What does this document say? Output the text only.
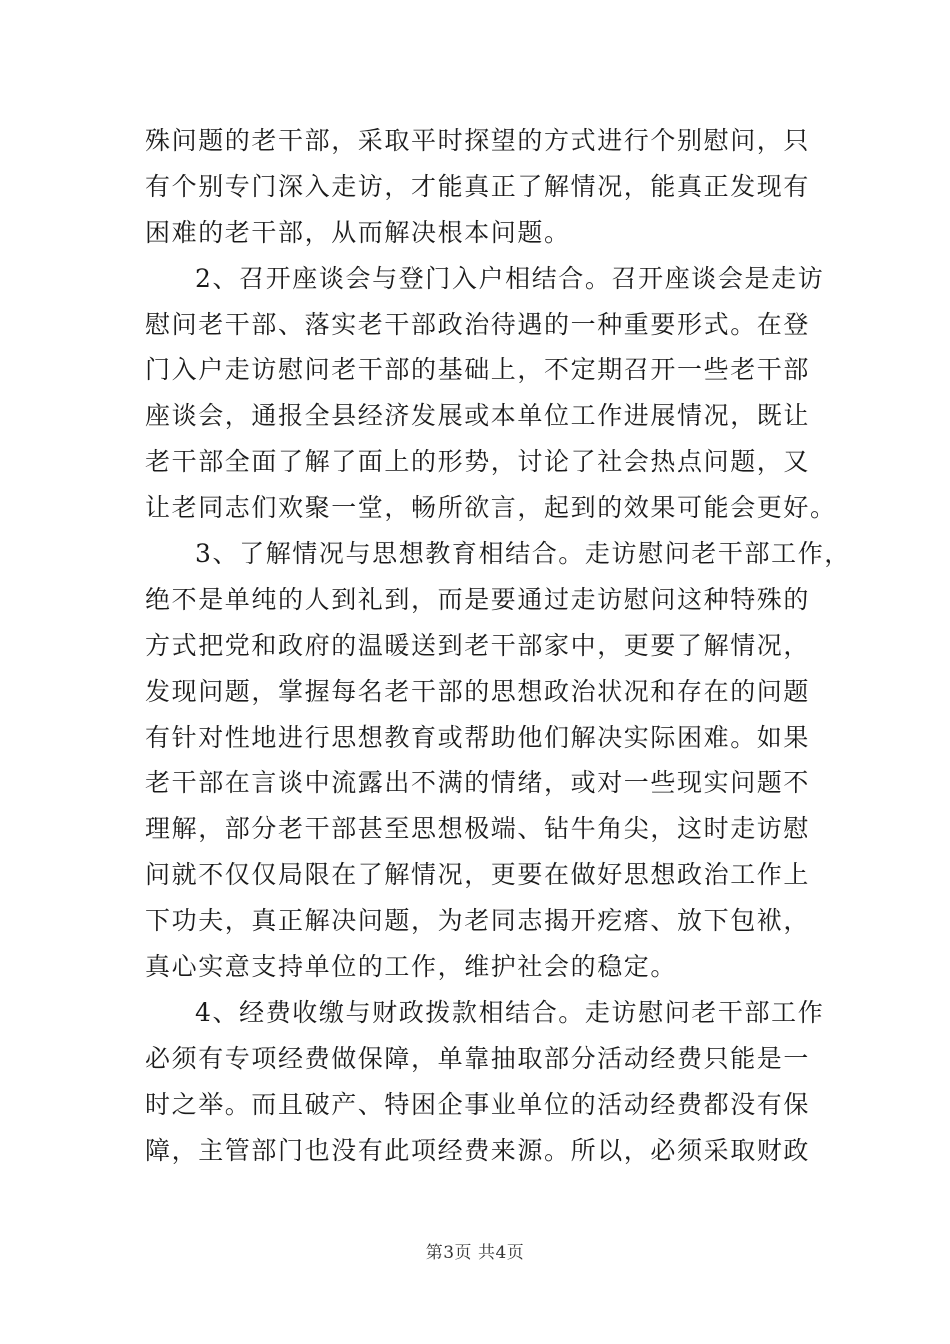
殊问题的老干部，采取平时探望的方式进行个别慰问，只
有个别专门深入走访，才能真正了解情况，能真正发现有
困难的老干部，从而解决根本问题。
2、召开座谈会与登门入户相结合。召开座谈会是走访
慰问老干部、落实老干部政治待遇的一种重要形式。在登
门入户走访慰问老干部的基础上，不定期召开一些老干部
座谈会，通报全县经济发展或本单位工作进展情况，既让
老干部全面了解了面上的形势，讨论了社会热点问题，又
让老同志们欢聚一堂，畅所欲言，起到的效果可能会更好。
3、了解情况与思想教育相结合。走访慰问老干部工作，
绝不是单纯的人到礼到，而是要通过走访慰问这种特殊的
方式把党和政府的温暖送到老干部家中，更要了解情况，
发现问题，掌握每名老干部的思想政治状况和存在的问题
有针对性地进行思想教育或帮助他们解决实际困难。如果
老干部在言谈中流露出不满的情绪，或对一些现实问题不
理解，部分老干部甚至思想极端、钻牛角尖，这时走访慰
问就不仅仅局限在了解情况，更要在做好思想政治工作上
下功夫，真正解决问题，为老同志揭开疙瘩、放下包袱，
真心实意支持单位的工作，维护社会的稳定。
4、经费收缴与财政拨款相结合。走访慰问老干部工作
必须有专项经费做保障，单靠抽取部分活动经费只能是一
时之举。而且破产、特困企事业单位的活动经费都没有保
障，主管部门也没有此项经费来源。所以，必须采取财政
第3页 共4页
